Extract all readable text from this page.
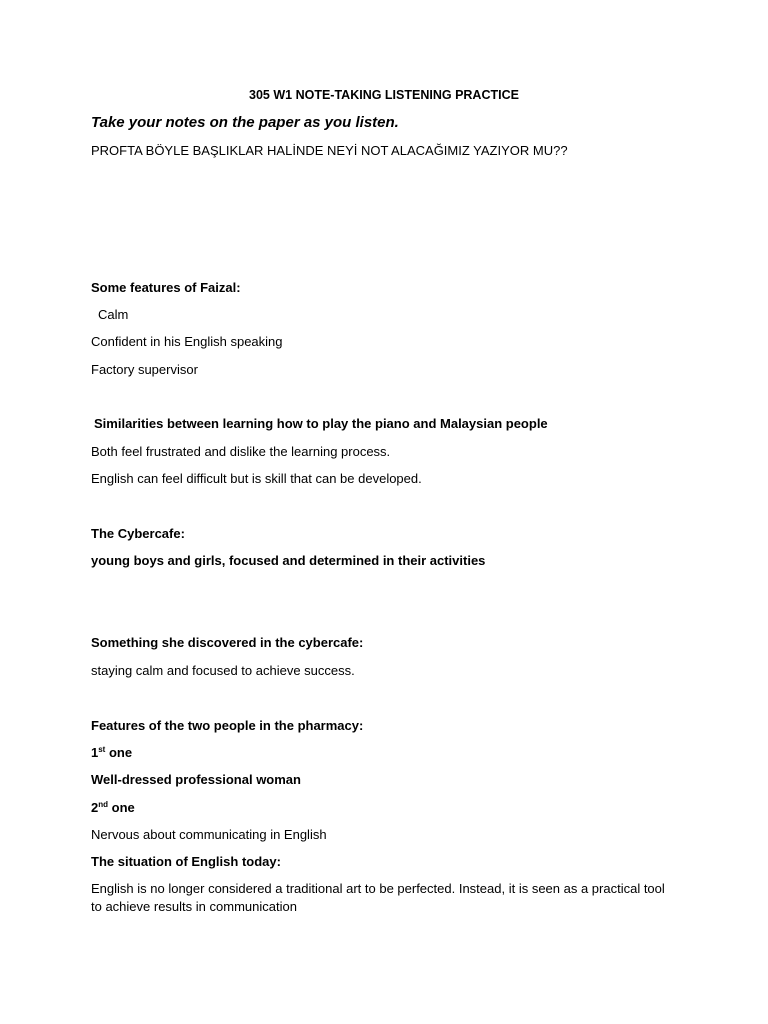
305 W1 NOTE-TAKING LISTENING PRACTICE
Take your notes on the paper as you listen.
PROFTA BÖYLE BAŞLIKLAR HALİNDE NEYİ NOT ALACAĞIMIZ YAZIYOR MU??
Some features of Faizal:
Calm
Confident in his English speaking
Factory supervisor
Similarities between learning how to play the piano and Malaysian people
Both feel frustrated and dislike the learning process.
English can feel difficult but is skill that can be developed.
The Cybercafe:
young boys and girls, focused and determined in their activities
Something she discovered in the cybercafe:
staying calm and focused to achieve success.
Features of the two people in the pharmacy:
1st one
Well-dressed professional woman
2nd one
Nervous about communicating in English
The situation of English today:
English is no longer considered a traditional art to be perfected. Instead, it is seen as a practical tool to achieve results in communication
